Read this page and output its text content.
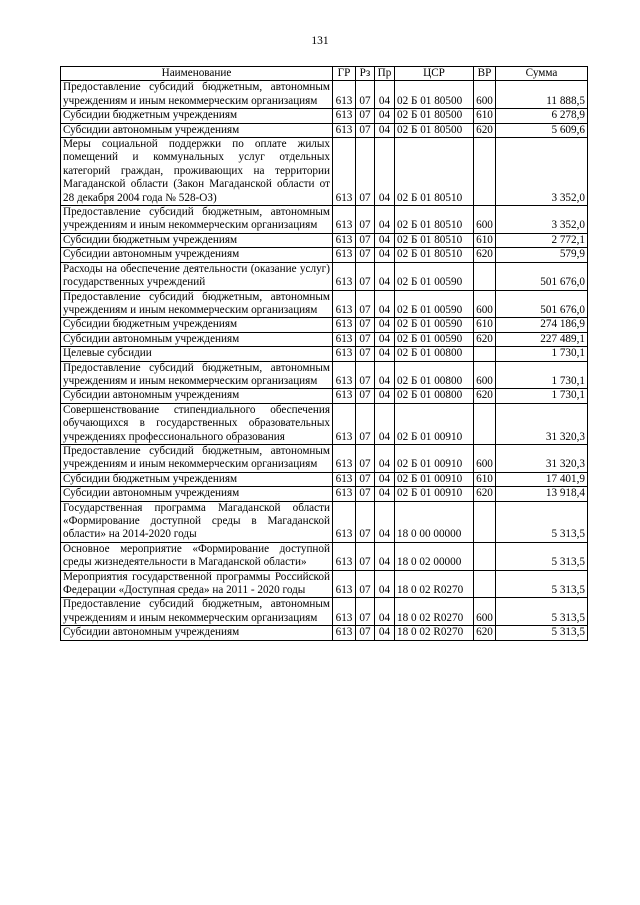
131
Наименование	ГР	Рз	Пр	ЦСР	ВР	Сумма
Предоставление субсидий бюджетным, автономным учреждениям и иным некоммерческим организациям	613	07	04	02 Б 01 80500	600	11 888,5
Субсидии бюджетным учреждениям	613	07	04	02 Б 01 80500	610	6 278,9
Субсидии автономным учреждениям	613	07	04	02 Б 01 80500	620	5 609,6
Меры социальной поддержки по оплате жилых помещений и коммунальных услуг отдельных категорий граждан, проживающих на территории Магаданской области (Закон Магаданской области от 28 декабря 2004 года № 528-ОЗ)	613	07	04	02 Б 01 80510		3 352,0
Предоставление субсидий бюджетным, автономным учреждениям и иным некоммерческим организациям	613	07	04	02 Б 01 80510	600	3 352,0
Субсидии бюджетным учреждениям	613	07	04	02 Б 01 80510	610	2 772,1
Субсидии автономным учреждениям	613	07	04	02 Б 01 80510	620	579,9
Расходы на обеспечение деятельности (оказание услуг) государственных учреждений	613	07	04	02 Б 01 00590		501 676,0
Предоставление субсидий бюджетным, автономным учреждениям и иным некоммерческим организациям	613	07	04	02 Б 01 00590	600	501 676,0
Субсидии бюджетным учреждениям	613	07	04	02 Б 01 00590	610	274 186,9
Субсидии автономным учреждениям	613	07	04	02 Б 01 00590	620	227 489,1
Целевые субсидии	613	07	04	02 Б 01 00800		1 730,1
Предоставление субсидий бюджетным, автономным учреждениям и иным некоммерческим организациям	613	07	04	02 Б 01 00800	600	1 730,1
Субсидии автономным учреждениям	613	07	04	02 Б 01 00800	620	1 730,1
Совершенствование стипендиального обеспечения обучающихся в государственных образовательных учреждениях профессионального образования	613	07	04	02 Б 01 00910		31 320,3
Предоставление субсидий бюджетным, автономным учреждениям и иным некоммерческим организациям	613	07	04	02 Б 01 00910	600	31 320,3
Субсидии бюджетным учреждениям	613	07	04	02 Б 01 00910	610	17 401,9
Субсидии автономным учреждениям	613	07	04	02 Б 01 00910	620	13 918,4
Государственная программа Магаданской области «Формирование доступной среды в Магаданской области» на 2014-2020 годы	613	07	04	18 0 00 00000		5 313,5
Основное мероприятие «Формирование доступной среды жизнедеятельности в Магаданской области»	613	07	04	18 0 02 00000		5 313,5
Мероприятия государственной программы Российской Федерации «Доступная среда» на 2011 - 2020 годы	613	07	04	18 0 02 R0270		5 313,5
Предоставление субсидий бюджетным, автономным учреждениям и иным некоммерческим организациям	613	07	04	18 0 02 R0270	600	5 313,5
Субсидии автономным учреждениям	613	07	04	18 0 02 R0270	620	5 313,5
